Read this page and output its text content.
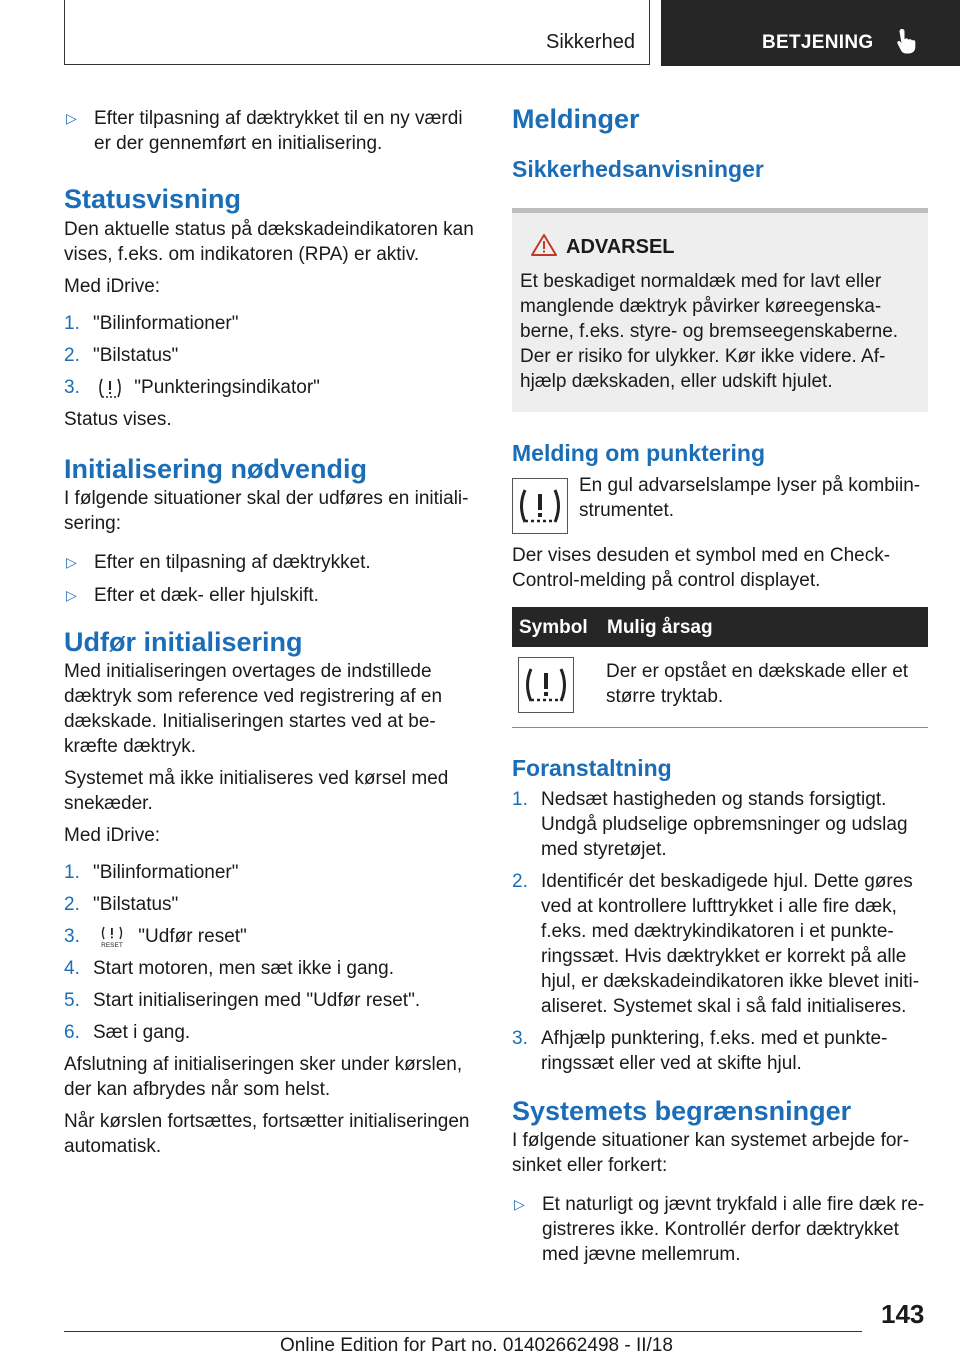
Sikkerhed	BETJENING
▷ Efter tilpasning af dæktrykket til en ny værdi er der gennemført en initialisering.
Statusvisning

Den aktuelle status på dækskadeindikatoren kan vises, f.eks. om indikatoren (RPA) er aktiv.

Med iDrive:

1. "Bilinformationer"
2. "Bilstatus"
3.	"Punkteringsindikator"

Status vises.

Initialisering nødvendig

I følgende situationer skal der udføres en initiali-sering:

▷ Efter en tilpasning af dæktrykket.
▷ Efter et dæk- eller hjulskift.
Udfør initialisering

Med initialiseringen overtages de indstillede dæktryk som reference ved registrering af en dækskade. Initialiseringen startes ved at be-kræfte dæktryk.

Systemet må ikke initialiseres ved kørsel med snekæder.

Med iDrive:

1. "Bilinformationer"
2. "Bilstatus"
3.	RESET "Udfør reset"
4. Start motoren, men sæt ikke i gang.
5. Start initialiseringen med "Udfør reset".
6. Sæt i gang.

Afslutning af initialiseringen sker under kørslen, der kan afbrydes når som helst.

Når kørslen fortsættes, fortsætter initialiseringen automatisk.

Meldinger
Sikkerhedsanvisninger
ADVARSEL

Et beskadiget normaldæk med for lavt eller manglende dæktryk påvirker køreegenska-berne, f.eks. styre- og bremseegenskaberne. Der er risiko for ulykker. Kør ikke videre. Af-hjælp dækskaden, eller udskift hjulet.

Melding om punktering

En gul advarselslampe lyser på kombiin-strumentet.

Der vises desuden et symbol med en Check-Control-melding på control displayet.

Symbol	Mulig årsag

	Der er opstået en dækskade eller et større tryktab.
Foranstaltning
1. Nedsæt hastigheden og stands forsigtigt. Undgå pludselige opbremsninger og udslag med styretøjet.
2. Identificér det beskadigede hjul. Dette gøres ved at kontrollere lufttrykket i alle fire dæk, f.eks. med dæktrykindikatoren i et punkte-ringssæt. Hvis dæktrykket er korrekt på alle hjul, er dækskadeindikatoren ikke blevet initi-aliseret. Systemet skal i så fald initialiseres.
3. Afhjælp punktering, f.eks. med et punkte-ringssæt eller ved at skifte hjul.
Systemets begrænsninger

I følgende situationer kan systemet arbejde for-sinket eller forkert:

▷ Et naturligt og jævnt trykfald i alle fire dæk re-gistreres ikke. Kontrollér derfor dæktrykket med jævne mellemrum.
143
Online Edition for Part no. 01402662498 - II/18
